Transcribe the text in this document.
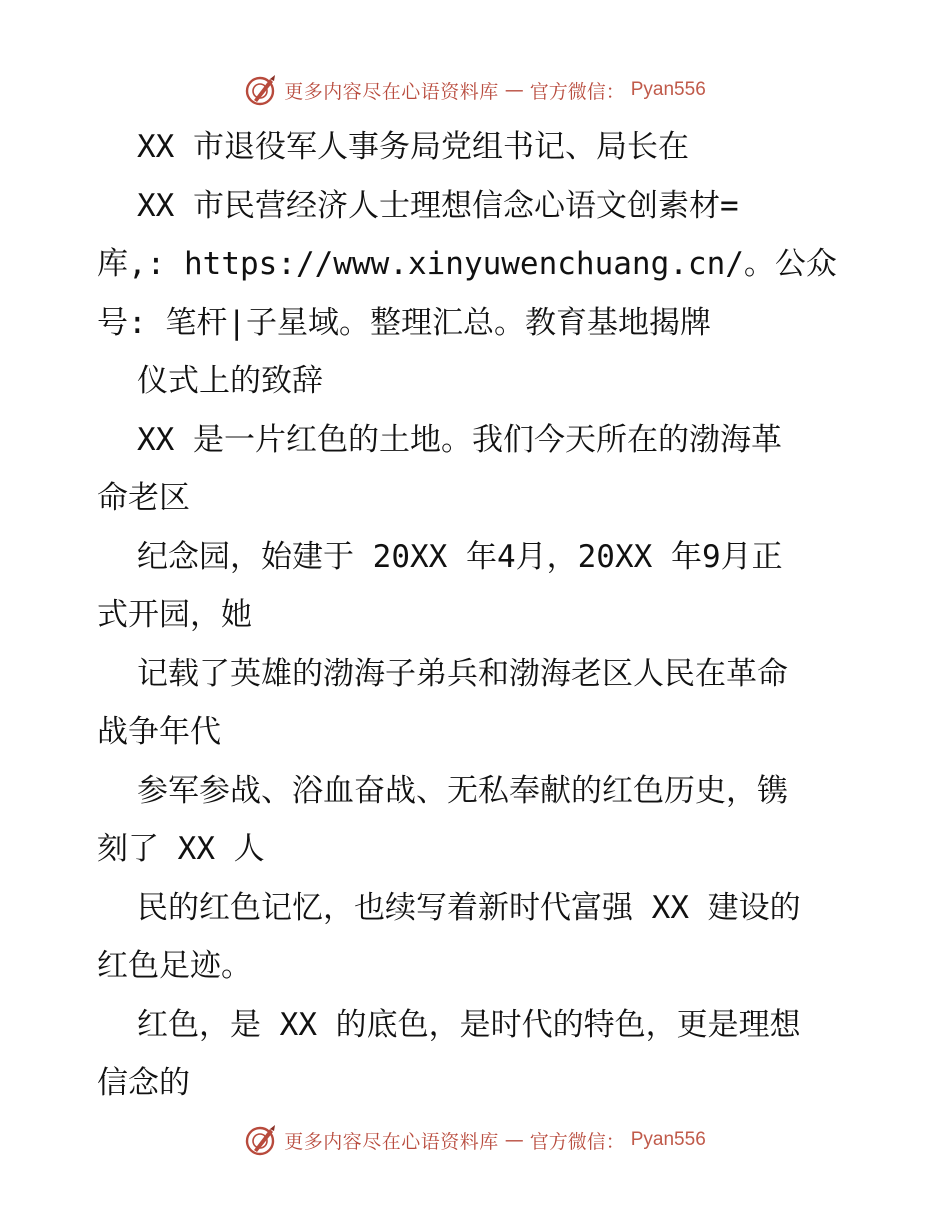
更多内容尽在心语资料库 — 官方微信： Pyan556
XX 市退役军人事务局党组书记、局长在
XX 市民营经济人士理想信念心语文创素材=
库,: https://www.xinyuwenchuang.cn/。公众
号: 笔杆|子星域。整理汇总。教育基地揭牌
仪式上的致辞
XX 是一片红色的土地。我们今天所在的渤海革
命老区
纪念园，始建于 20XX 年4月，20XX 年9月正
式开园，她
记载了英雄的渤海子弟兵和渤海老区人民在革命
战争年代
参军参战、浴血奋战、无私奉献的红色历史，镌
刻了 XX 人
民的红色记忆，也续写着新时代富强 XX 建设的
红色足迹。
红色，是 XX 的底色，是时代的特色，更是理想
信念的
更多内容尽在心语资料库 — 官方微信： Pyan556
